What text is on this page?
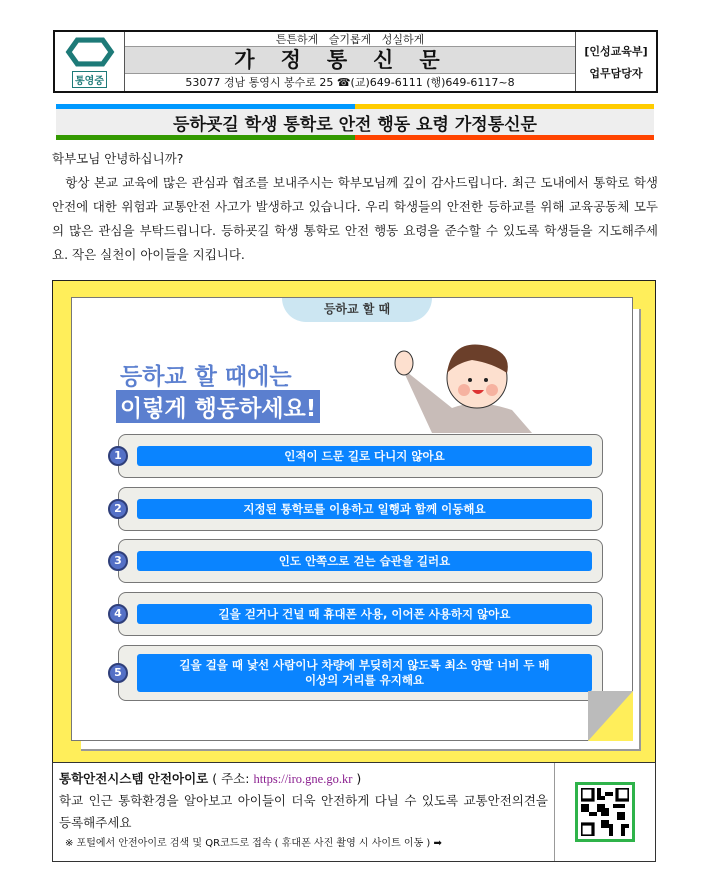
통영중
튼튼하게   슬기롭게   성실하게
가정통신문
53077 경남 통영시 봉수로 25 ☎(교)649-6111 (행)649-6117~8
[인성교육부]
업무담당자
등하굣길 학생 통학로 안전 행동 요령 가정통신문
학부모님 안녕하십니까?
항상 본교 교육에 많은 관심과 협조를 보내주시는 학부모님께 깊이 감사드립니다. 최근 도내에서 통학로 학생 안전에 대한 위험과 교통안전 사고가 발생하고 있습니다. 우리 학생들의 안전한 등하교를 위해 교육공동체 모두의 많은 관심을 부탁드립니다. 등하굣길 학생 통학로 안전 행동 요령을 준수할 수 있도록 학생들을 지도해주세요. 작은 실천이 아이들을 지킵니다.
등하교 할 때
등하교 할 때에는
이렇게 행동하세요!
1	인적이 드문 길로 다니지 않아요
2	지정된 통학로를 이용하고 일행과 함께 이동해요
3	인도 안쪽으로 걷는 습관을 길러요
4	길을 걷거나 건널 때 휴대폰 사용, 이어폰 사용하지 않아요
5
길을 걸을 때 낯선 사람이나 차량에 부딪히지 않도록 최소 양팔 너비 두 배 이상의 거리를 유지해요
통학안전시스템 안전아이로 ( 주소: https://iro.gne.go.kr )
학교 인근 통학환경을 알아보고 아이들이 더욱 안전하게 다닐 수 있도록 교통안전의견을 등록해주세요
※ 포털에서 안전아이로 검색 및 QR코드로 접속 ( 휴대폰 사진 촬영 시 사이트 이동 ) ➡
